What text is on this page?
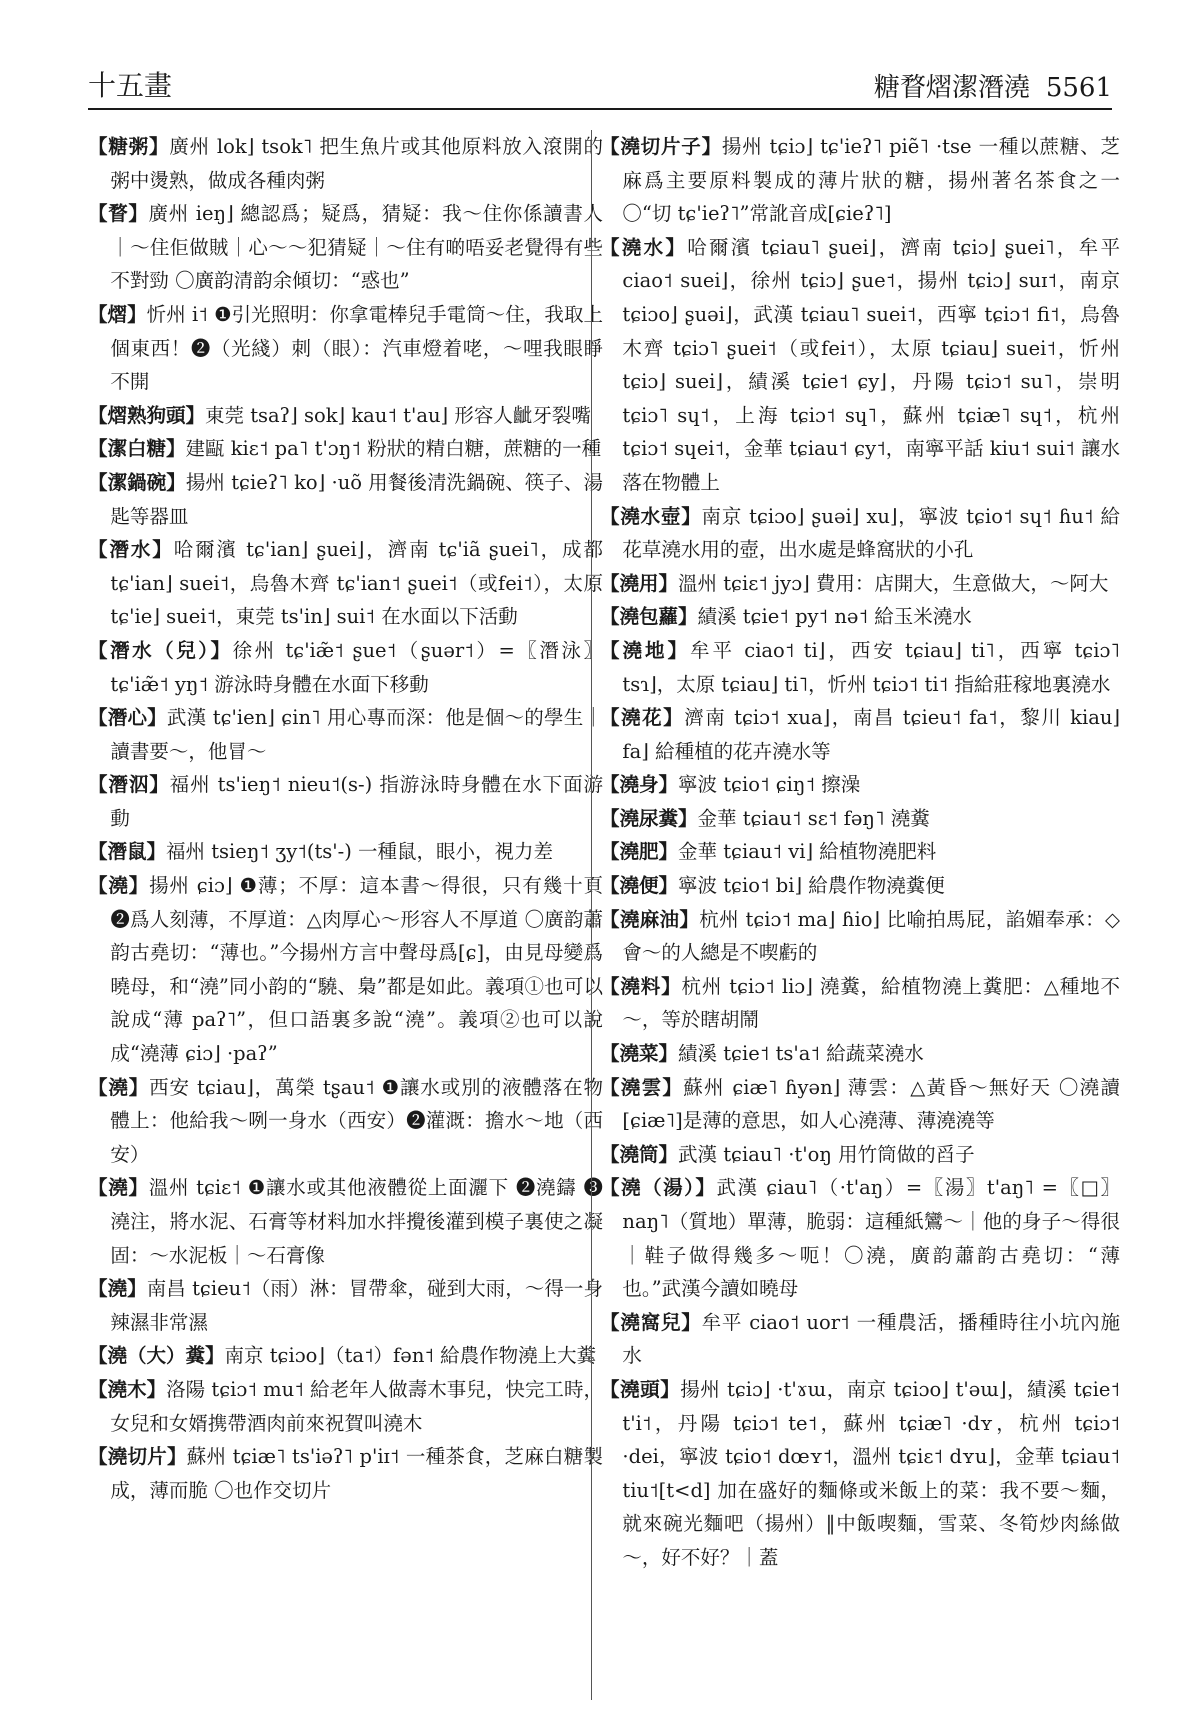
十五畫	糖瞀熠潔潛澆 5561

【糖粥】廣州 lok⌋ tsok˥ 把生魚片或其他原料放入滾開的粥中燙熟，做成各種肉粥

【瞀】廣州 ieŋ⌋ 總認爲；疑爲，猜疑：我～住你係讀書人｜～住佢做賊｜心～～犯猜疑｜～住有啲唔妥老覺得有些不對勁 〇廣韵清韵余傾切：“惑也”

【熠】忻州 i˦ ❶引光照明：你拿電棒兒手電筒～住，我取上個東西！❷（光綫）刺（眼）：汽車燈着咾，～哩我眼睜不開

【熠熟狗頭】東莞 tsaʔ⌋ sok⌋ kau˦ t'au⌋ 形容人齜牙裂嘴

【潔白糖】建甌 kiɛ˦ pa˥ t'ɔŋ˦ 粉狀的精白糖，蔗糖的一種

【潔鍋碗】揚州 tɕieʔ˥ ko⌋ ·uõ 用餐後清洗鍋碗、筷子、湯匙等器皿

【潛水】哈爾濱 tɕ'ian⌋ ʂuei⌋，濟南 tɕ'iã ʂuei˥，成都 tɕ'ian⌋ suei˦，烏魯木齊 tɕ'ian˦ ʂuei˦（或fei˦），太原 tɕ'ie⌋ suei˦，東莞 ts'in⌋ sui˦ 在水面以下活動

【潛水（兒）】徐州 tɕ'iæ̃˦ ʂue˦（ʂuər˦）=〖潛泳〗tɕ'iæ̃˦ yŋ˦ 游泳時身體在水面下移動

【潛心】武漢 tɕ'ien⌋ ɕin˥ 用心專而深：他是個～的學生｜讀書要～，他冒～

【潛泅】福州 ts'ieŋ˦ nieu˦(s-) 指游泳時身體在水下面游動

【潛鼠】福州 tsieŋ˦ ʒy˦(ts'-) 一種鼠，眼小，視力差

【澆】揚州 ɕiɔ⌋ ❶薄；不厚：這本書～得很，只有幾十頁 ❷爲人刻薄，不厚道：△肉厚心～形容人不厚道 〇廣韵蕭韵古堯切：“薄也。”今揚州方言中聲母爲[ɕ]，由見母變爲曉母，和“澆”同小韵的“驍、梟”都是如此。義項①也可以說成“薄 paʔ˥”，但口語裏多說“澆”。義項②也可以說成“澆薄 ɕiɔ⌋ ·paʔ”

【澆】西安 tɕiau⌋，萬榮 tʂau˦ ❶讓水或別的液體落在物體上：他給我～咧一身水（西安）❷灌溉：擔水～地（西安）

【澆】溫州 tɕiɛ˦ ❶讓水或其他液體從上面灑下 ❷澆鑄 ❸澆注，將水泥、石膏等材料加水拌攪後灌到模子裏使之凝固：～水泥板｜～石膏像

【澆】南昌 tɕieu˦（雨）淋：冒帶傘，碰到大雨，～得一身辣濕非常濕

【澆（大）糞】南京 tɕiɔo⌋（ta˦）fən˦ 給農作物澆上大糞

【澆木】洛陽 tɕiɔ˦ mu˦ 給老年人做壽木事兒，快完工時，女兒和女婿携帶酒肉前來祝賀叫澆木

【澆切片】蘇州 tɕiæ˥ ts'iəʔ˥ p'iɪ˦ 一種茶食，芝麻白糖製成，薄而脆 〇也作交切片

【澆切片子】揚州 tɕiɔ⌋ tɕ'ieʔ˥ piẽ˥ ·tse 一種以蔗糖、芝麻爲主要原料製成的薄片狀的糖，揚州著名茶食之一 〇“切 tɕ'ieʔ˥”常訛音成[ɕieʔ˥]

【澆水】哈爾濱 tɕiau˥ ʂuei⌋，濟南 tɕiɔ⌋ ʂuei˥，牟平 ciao˦ suei⌋，徐州 tɕiɔ⌋ ʂue˦，揚州 tɕiɔ⌋ suɪ˦，南京 tɕiɔo⌋ ʂuəi⌋，武漢 tɕiau˥ suei˦，西寧 tɕiɔ˦ fi˦，烏魯木齊 tɕiɔ˥ ʂuei˦（或fei˦），太原 tɕiau⌋ suei˦，忻州 tɕiɔ⌋ suei⌋，績溪 tɕie˦ ɕy⌋，丹陽 tɕiɔ˦ su˥，崇明 tɕiɔ˥ sɥ˦，上海 tɕiɔ˦ sɥ˥，蘇州 tɕiæ˥ sɥ˦，杭州 tɕiɔ˦ sɥei˦，金華 tɕiau˦ ɕy˦，南寧平話 kiu˦ sui˦ 讓水落在物體上

【澆水壺】南京 tɕiɔo⌋ ʂuəi⌋ xu⌋，寧波 tɕio˦ sɥ˦ ɦu˦ 給花草澆水用的壺，出水處是蜂窩狀的小孔

【澆用】溫州 tɕiɛ˦ jyɔ⌋ 費用：店開大，生意做大，～阿大

【澆包蘿】績溪 tɕie˦ py˦ nə˦ 給玉米澆水

【澆地】牟平 ciao˦ ti⌋，西安 tɕiau⌋ ti˥，西寧 tɕiɔ˥ tsɿ⌋，太原 tɕiau⌋ ti˥，忻州 tɕiɔ˦ ti˦ 指給莊稼地裏澆水

【澆花】濟南 tɕiɔ˦ xua⌋，南昌 tɕieu˦ fa˦，黎川 kiau⌋ fa⌋ 給種植的花卉澆水等

【澆身】寧波 tɕio˦ ɕiŋ˦ 擦澡

【澆尿糞】金華 tɕiau˦ sɛ˦ fəŋ˥ 澆糞

【澆肥】金華 tɕiau˦ vi⌋ 給植物澆肥料

【澆便】寧波 tɕio˦ bi⌋ 給農作物澆糞便

【澆麻油】杭州 tɕiɔ˦ ma⌋ ɦio⌋ 比喻拍馬屁，諂媚奉承：◇會～的人總是不喫虧的

【澆料】杭州 tɕiɔ˦ liɔ⌋ 澆糞，給植物澆上糞肥：△種地不～，等於瞎胡鬧

【澆菜】績溪 tɕie˦ ts'a˦ 給蔬菜澆水

【澆雲】蘇州 ɕiæ˥ ɦyən⌋ 薄雲：△黃昏～無好天 〇澆讀[ɕiæ˥]是薄的意思，如人心澆薄、薄澆澆等

【澆筒】武漢 tɕiau˥ ·t'oŋ 用竹筒做的舀子

【澆（湯）】武漢 ɕiau˥（·t'aŋ）=〖湯〗t'aŋ˥ =〖□〗naŋ˥（質地）單薄，脆弱：這種紙鸞～｜他的身子～得很｜鞋子做得幾多～呃！〇澆，廣韵蕭韵古堯切：“薄也。”武漢今讀如曉母

【澆窩兒】牟平 ciao˦ uor˦ 一種農活，播種時往小坑內施水

【澆頭】揚州 tɕiɔ⌋ ·t'ɤɯ，南京 tɕiɔo⌋ t'əɯ⌋，績溪 tɕie˦ t'i˦，丹陽 tɕiɔ˦ te˦，蘇州 tɕiæ˥ ·dʏ，杭州 tɕiɔ˦ ·dei，寧波 tɕio˦ dœʏ˦，溫州 tɕiɛ˦ dʏu⌋，金華 tɕiau˦ tiu˦[t<d] 加在盛好的麵條或米飯上的菜：我不要～麵，就來碗光麵吧（揚州）‖中飯喫麵，雪菜、冬筍炒肉絲做～，好不好？｜蓋
